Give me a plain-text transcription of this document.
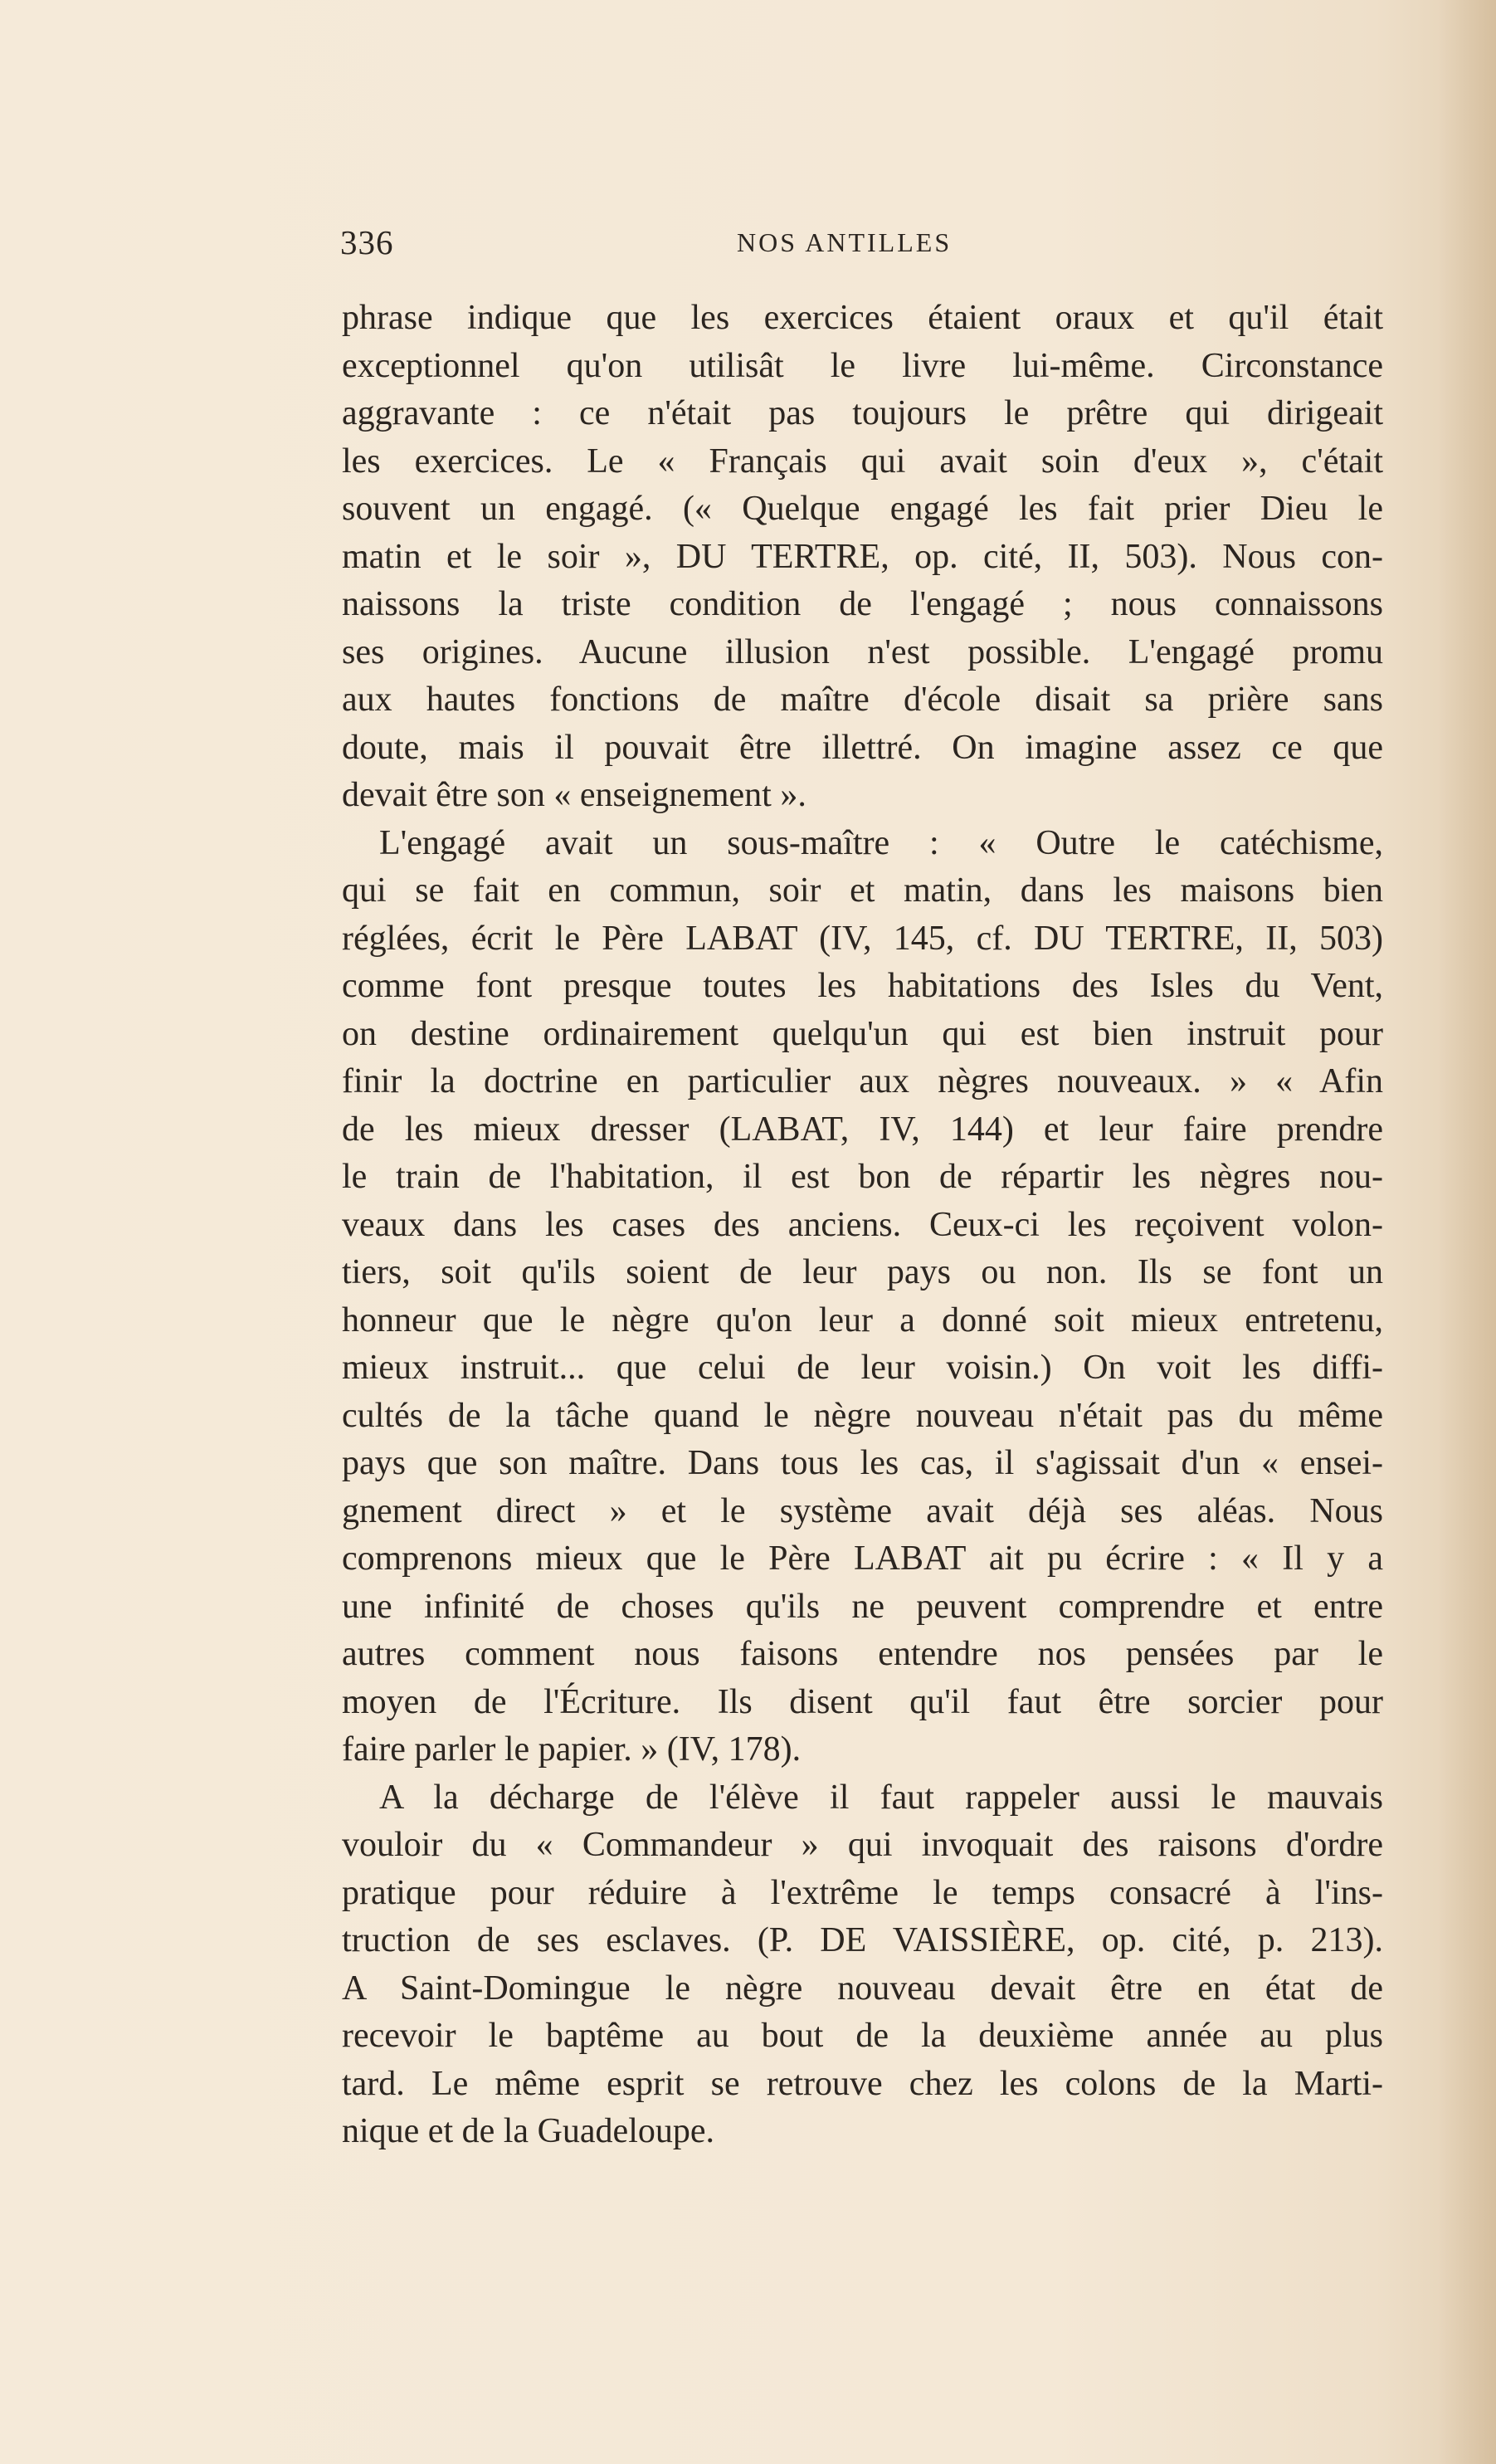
336	NOS ANTILLES
phrase indique que les exercices étaient oraux et qu'il était
exceptionnel qu'on utilisât le livre lui-même. Circonstance
aggravante : ce n'était pas toujours le prêtre qui dirigeait
les exercices. Le « Français qui avait soin d'eux », c'était
souvent un engagé. (« Quelque engagé les fait prier Dieu le
matin et le soir », DU TERTRE, op. cité, II, 503). Nous con-
naissons la triste condition de l'engagé ; nous connaissons
ses origines. Aucune illusion n'est possible. L'engagé promu
aux hautes fonctions de maître d'école disait sa prière sans
doute, mais il pouvait être illettré. On imagine assez ce que
devait être son « enseignement ».
L'engagé avait un sous-maître : « Outre le catéchisme,
qui se fait en commun, soir et matin, dans les maisons bien
réglées, écrit le Père LABAT (IV, 145, cf. DU TERTRE, II, 503)
comme font presque toutes les habitations des Isles du Vent,
on destine ordinairement quelqu'un qui est bien instruit pour
finir la doctrine en particulier aux nègres nouveaux. » « Afin
de les mieux dresser (LABAT, IV, 144) et leur faire prendre
le train de l'habitation, il est bon de répartir les nègres nou-
veaux dans les cases des anciens. Ceux-ci les reçoivent volon-
tiers, soit qu'ils soient de leur pays ou non. Ils se font un
honneur que le nègre qu'on leur a donné soit mieux entretenu,
mieux instruit... que celui de leur voisin.) On voit les diffi-
cultés de la tâche quand le nègre nouveau n'était pas du même
pays que son maître. Dans tous les cas, il s'agissait d'un « ensei-
gnement direct » et le système avait déjà ses aléas. Nous
comprenons mieux que le Père LABAT ait pu écrire : « Il y a
une infinité de choses qu'ils ne peuvent comprendre et entre
autres comment nous faisons entendre nos pensées par le
moyen de l'Écriture. Ils disent qu'il faut être sorcier pour
faire parler le papier. » (IV, 178).
A la décharge de l'élève il faut rappeler aussi le mauvais
vouloir du « Commandeur » qui invoquait des raisons d'ordre
pratique pour réduire à l'extrême le temps consacré à l'ins-
truction de ses esclaves. (P. DE VAISSIÈRE, op. cité, p. 213).
A Saint-Domingue le nègre nouveau devait être en état de
recevoir le baptême au bout de la deuxième année au plus
tard. Le même esprit se retrouve chez les colons de la Marti-
nique et de la Guadeloupe.
